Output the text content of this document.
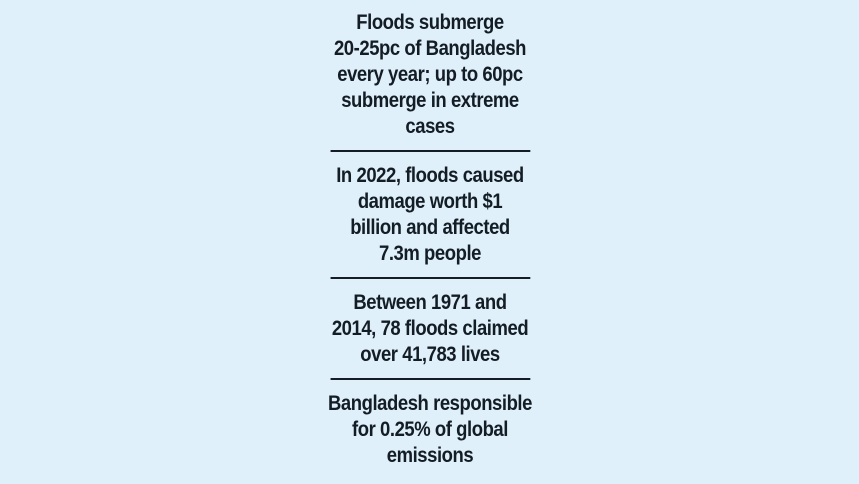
Floods submerge
20-25pc of Bangladesh
every year; up to 60pc
submerge in extreme
cases
In 2022, floods caused
damage worth $1
billion and affected
7.3m people
Between 1971 and
2014, 78 floods claimed
over 41,783 lives
Bangladesh responsible
for 0.25% of global
emissions
